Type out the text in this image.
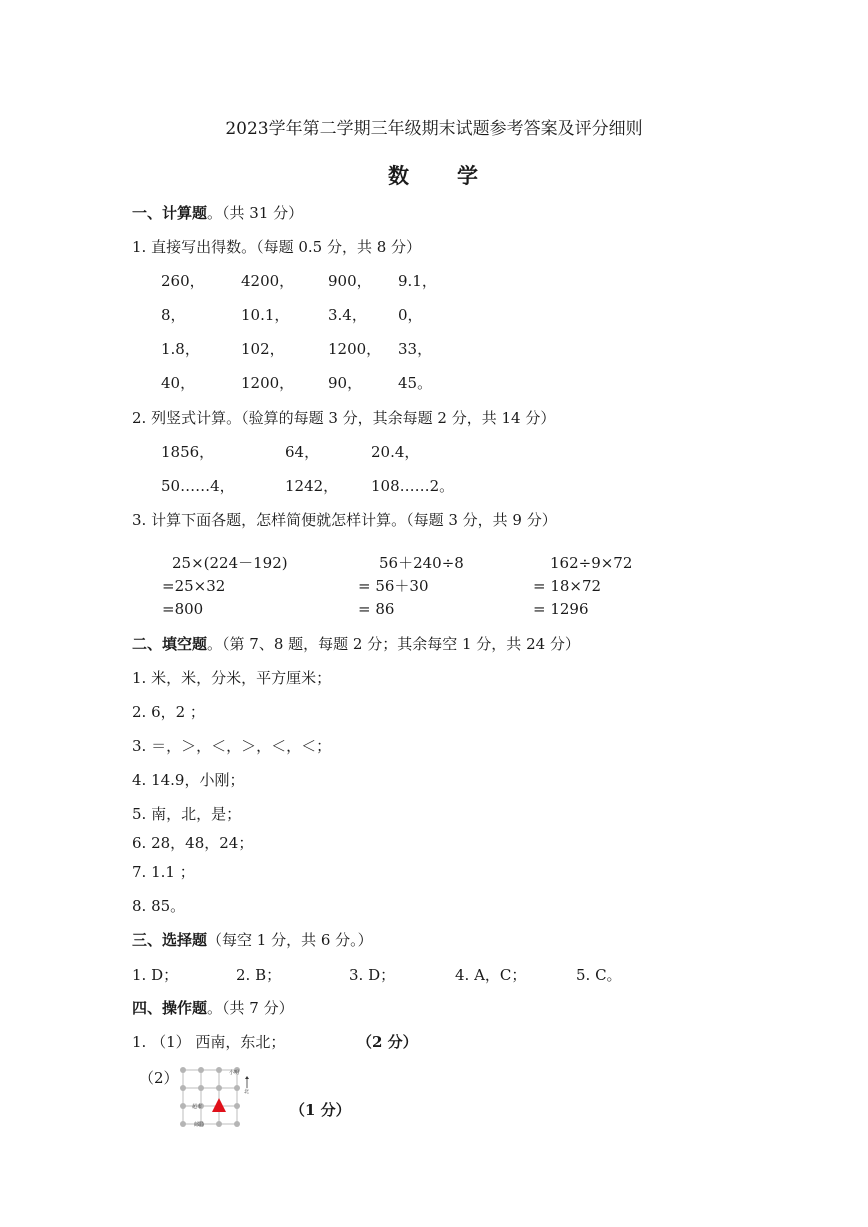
2023学年第二学期三年级期末试题参考答案及评分细则
数　　学
一、计算题。（共 31 分）
1. 直接写出得数。（每题 0.5 分，共 8 分）
260， 4200， 900， 9.1，
8，	10.1，	3.4， 0，
1.8，	102，	1200， 33，
40，	1200， 90， 45。
2. 列竖式计算。（验算的每题 3 分，其余每题 2 分，共 14 分）
1856，	64，	20.4，
50……4，	1242， 108……2。
3. 计算下面各题，怎样简便就怎样计算。（每题 3 分，共 9 分）
25×(224－192)
=25×32
=800
56＋240÷8
= 56＋30
= 86
162÷9×72
= 18×72
= 1296
二、填空题。（第 7、8 题，每题 2 分；其余每空 1 分，共 24 分）
1. 米，米，分米，平方厘米；
2. 6，2 ；
3. ＝，＞，＜，＞，＜，＜；
4. 14.9，小刚；
5. 南，北，是；
6. 28，48，24；
7. 1.1 ；
8. 85。
三、选择题（每空 1 分，共 6 分。）
1. D；	2. B；	3. D；	4. A，C；	5. C。
四、操作题。（共 7 分）
1. （1） 西南，东北；	（2 分）
（2）	小明
北
超市
邮局
（1 分）
